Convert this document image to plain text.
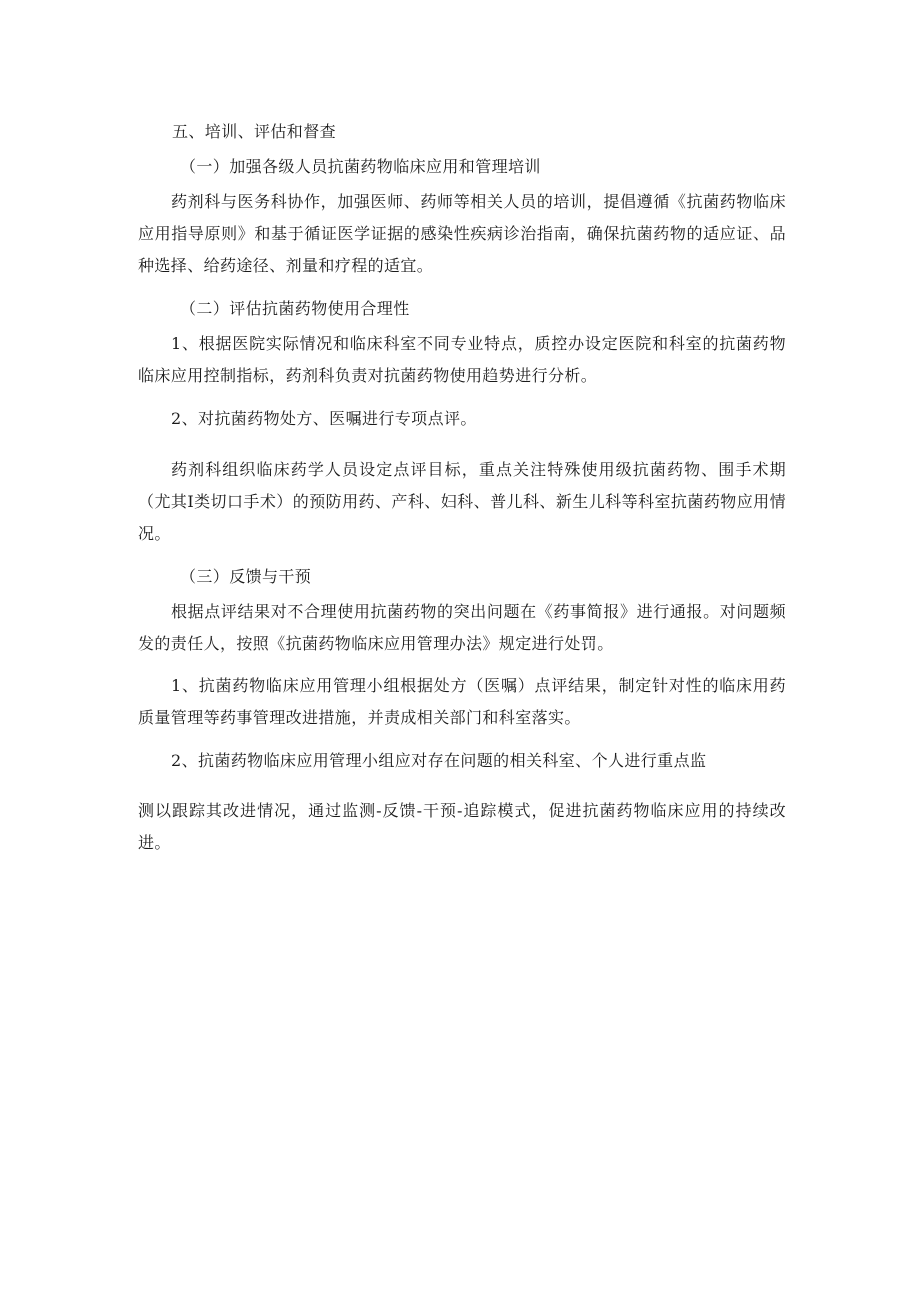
五、培训、评估和督查
（一）加强各级人员抗菌药物临床应用和管理培训
药剂科与医务科协作，加强医师、药师等相关人员的培训，提倡遵循《抗菌药物临床应用指导原则》和基于循证医学证据的感染性疾病诊治指南，确保抗菌药物的适应证、品种选择、给药途径、剂量和疗程的适宜。
（二）评估抗菌药物使用合理性
1、根据医院实际情况和临床科室不同专业特点，质控办设定医院和科室的抗菌药物临床应用控制指标，药剂科负责对抗菌药物使用趋势进行分析。
2、对抗菌药物处方、医嘱进行专项点评。
药剂科组织临床药学人员设定点评目标，重点关注特殊使用级抗菌药物、围手术期（尤其I类切口手术）的预防用药、产科、妇科、普儿科、新生儿科等科室抗菌药物应用情况。
（三）反馈与干预
根据点评结果对不合理使用抗菌药物的突出问题在《药事简报》进行通报。对问题频发的责任人，按照《抗菌药物临床应用管理办法》规定进行处罚。
1、抗菌药物临床应用管理小组根据处方（医嘱）点评结果，制定针对性的临床用药质量管理等药事管理改进措施，并责成相关部门和科室落实。
2、抗菌药物临床应用管理小组应对存在问题的相关科室、个人进行重点监
测以跟踪其改进情况，通过监测-反馈-干预-追踪模式，促进抗菌药物临床应用的持续改进。
